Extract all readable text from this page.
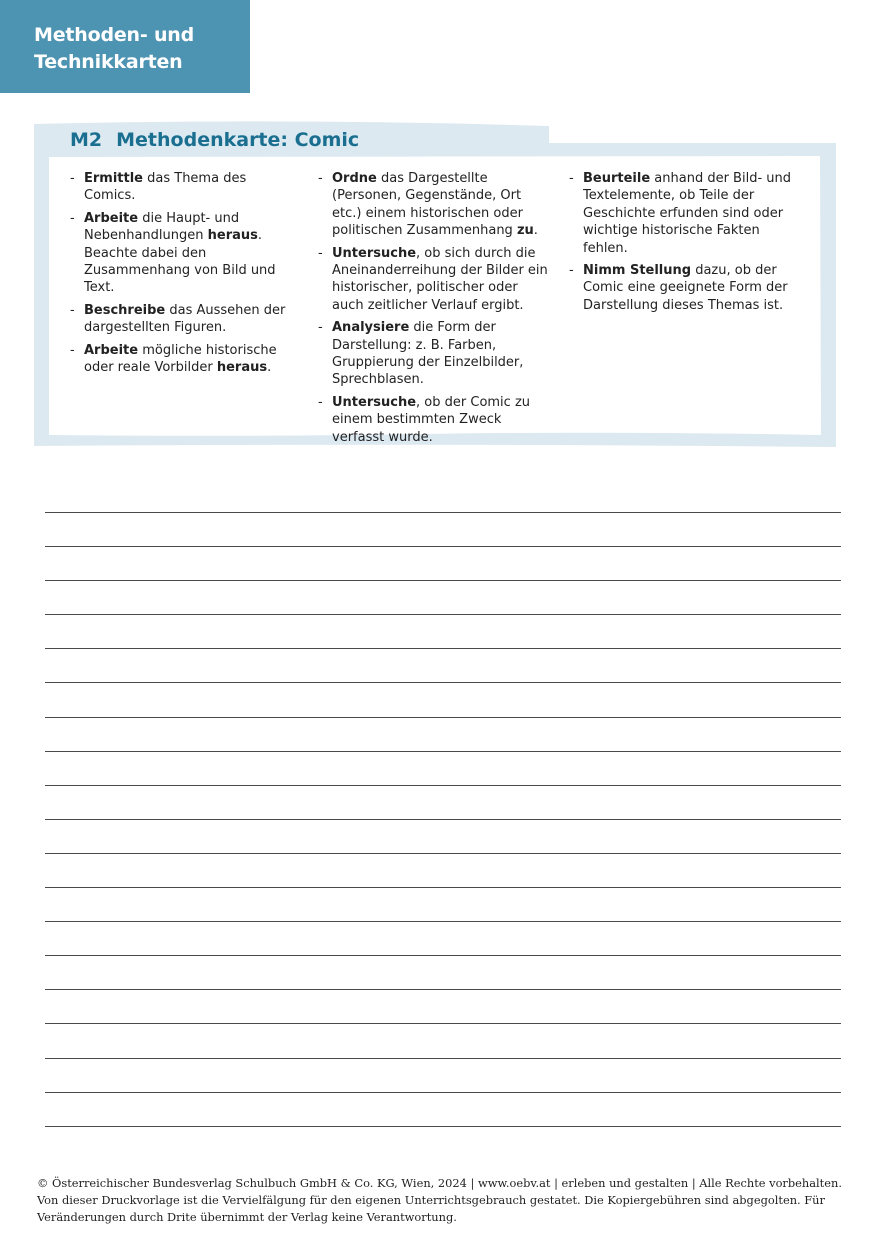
Methoden- und
Technikkarten
M2 Methodenkarte: Comic
- Ermittle das Thema des Comics.
- Arbeite die Haupt- und Nebenhandlungen heraus. Beachte dabei den Zusammenhang von Bild und Text.
- Beschreibe das Aussehen der dargestellten Figuren.
- Arbeite mögliche historische oder reale Vorbilder heraus.
- Ordne das Dargestellte (Personen, Gegenstände, Ort etc.) einem historischen oder politischen Zusammenhang zu.
- Untersuche, ob sich durch die Aneinanderreihung der Bilder ein historischer, politischer oder auch zeitlicher Verlauf ergibt.
- Analysiere die Form der Darstellung: z. B. Farben, Gruppierung der Einzelbilder, Sprechblasen.
- Untersuche, ob der Comic zu einem bestimmten Zweck verfasst wurde.
- Beurteile anhand der Bild- und Textelemente, ob Teile der Geschichte erfunden sind oder wichtige historische Fakten fehlen.
- Nimm Stellung dazu, ob der Comic eine geeignete Form der Darstellung dieses Themas ist.
© Österreichischer Bundesverlag Schulbuch GmbH & Co. KG, Wien, 2024 | www.oebv.at | erleben und gestalten | Alle Rechte vorbehalten. Von dieser Druckvorlage ist die Vervielfälgung für den eigenen Unterrichtsgebrauch gestatet. Die Kopiergebühren sind abgegolten. Für Veränderungen durch Drite übernimmt der Verlag keine Verantwortung.
